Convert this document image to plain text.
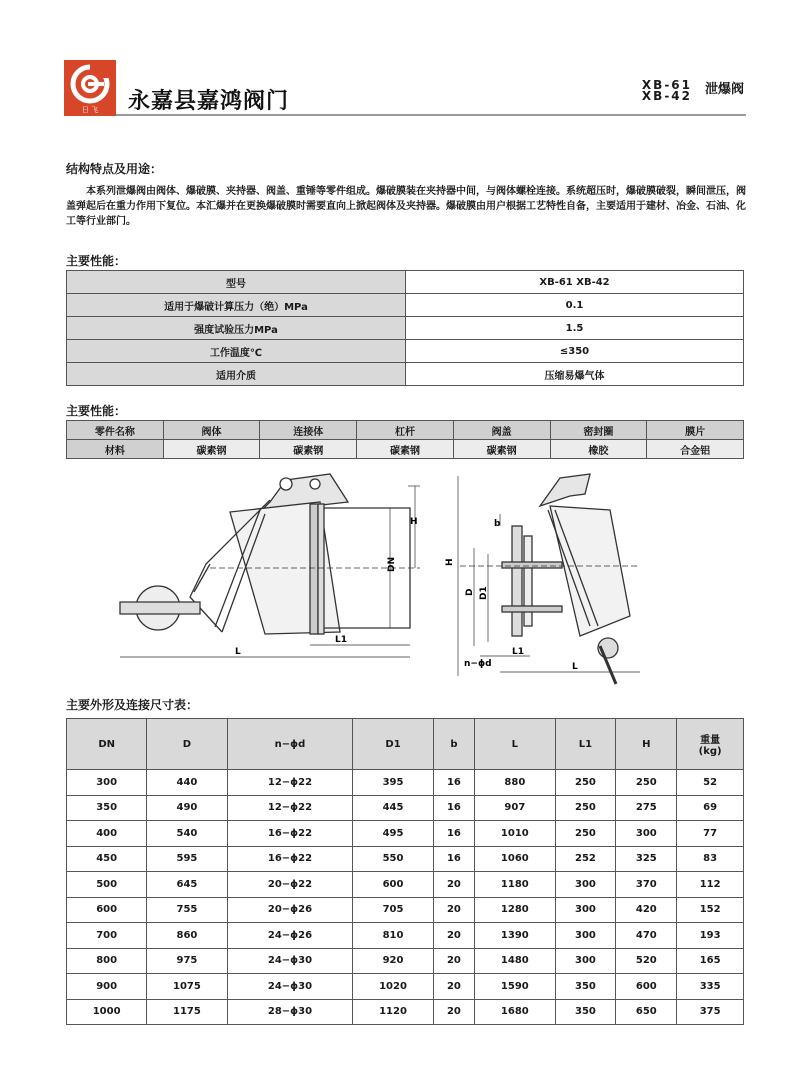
日 飞 永嘉县嘉鸿阀门
XB-61
XB-42 泄爆阀
结构特点及用途：
本系列泄爆阀由阀体、爆破膜、夹持器、阀盖、重锤等零件组成。爆破膜装在夹持器中间，与阀体螺栓连接。系统超压时，爆破膜破裂，瞬间泄压，阀盖弹起后在重力作用下复位。本汇爆并在更换爆破膜时需要直向上掀起阀体及夹持器。爆破膜由用户根据工艺特性自备，主要适用于建材、冶金、石油、化工等行业部门。
主要性能：
型号	XB-61 XB-42
适用于爆破计算压力（绝）MPa	0.1
强度试验压力MPa	1.5
工作温度℃	≤350
适用介质	压缩易爆气体
主要性能：
零件名称	阀体	连接体	杠杆	阀盖	密封圈	膜片
材料	碳素钢	碳素钢	碳素钢	碳素钢	橡胶	合金铝
H
DN
L
L1
H
D D1
b
n−ϕd
L1
L
主要外形及连接尺寸表：
DN	D	n−ϕd	D1	b	L	L1	H	重量
(kg)
300	440	12−ϕ22	395	16	880	250	250	52
350	490	12−ϕ22	445	16	907	250	275	69
400	540	16−ϕ22	495	16	1010	250	300	77
450	595	16−ϕ22	550	16	1060	252	325	83
500	645	20−ϕ22	600	20	1180	300	370	112
600	755	20−ϕ26	705	20	1280	300	420	152
700	860	24−ϕ26	810	20	1390	300	470	193
800	975	24−ϕ30	920	20	1480	300	520	165
900	1075	24−ϕ30	1020	20	1590	350	600	335
1000	1175	28−ϕ30	1120	20	1680	350	650	375
